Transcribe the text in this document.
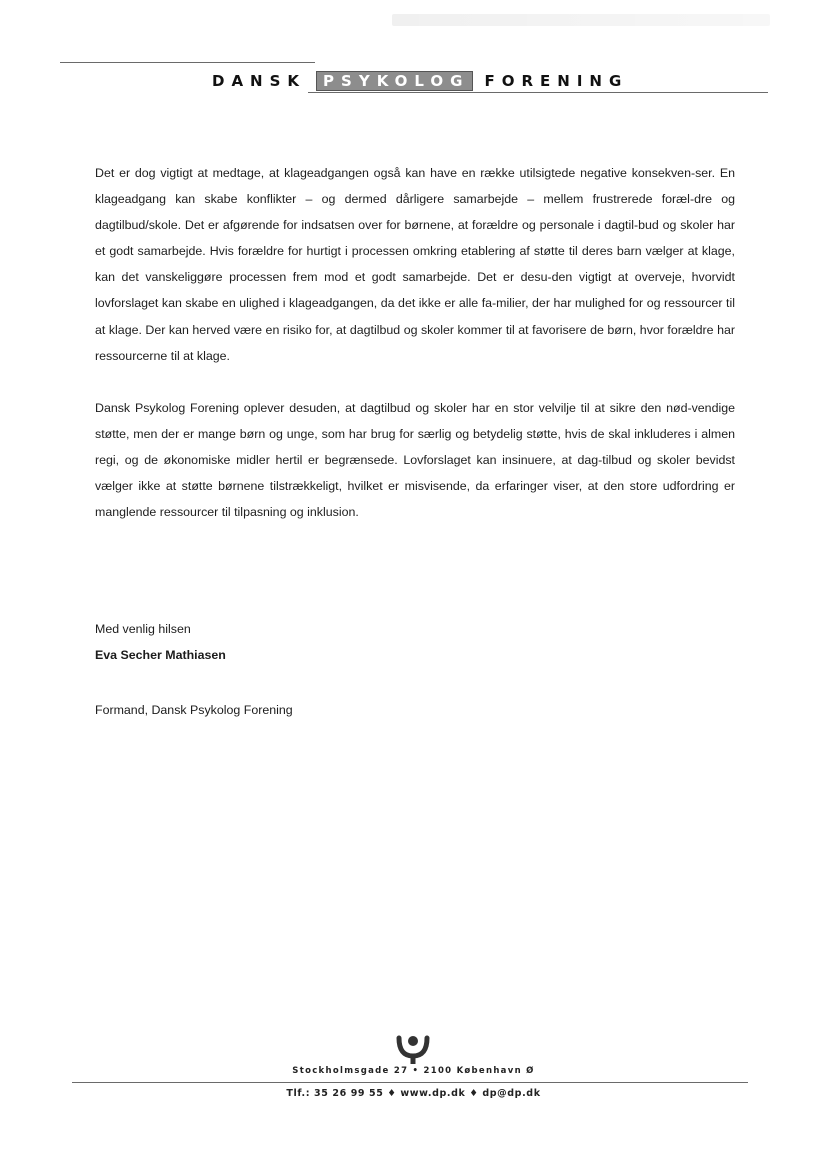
DANSK	PSYKOLOG FORENING

Det er dog vigtigt at medtage, at klageadgangen også kan have en række utilsigtede negative konsekven-ser. En klageadgang kan skabe konflikter – og dermed dårligere samarbejde – mellem frustrerede foræl-dre og dagtilbud/skole. Det er afgørende for indsatsen over for børnene, at forældre og personale i dagtil-bud og skoler har et godt samarbejde. Hvis forældre for hurtigt i processen omkring etablering af støtte til deres barn vælger at klage, kan det vanskeliggøre processen frem mod et godt samarbejde. Det er desu-den vigtigt at overveje, hvorvidt lovforslaget kan skabe en ulighed i klageadgangen, da det ikke er alle fa-milier, der har mulighed for og ressourcer til at klage. Der kan herved være en risiko for, at dagtilbud og skoler kommer til at favorisere de børn, hvor forældre har ressourcerne til at klage.

Dansk Psykolog Forening oplever desuden, at dagtilbud og skoler har en stor velvilje til at sikre den nød-vendige støtte, men der er mange børn og unge, som har brug for særlig og betydelig støtte, hvis de skal inkluderes i almen regi, og de økonomiske midler hertil er begrænsede. Lovforslaget kan insinuere, at dag-tilbud og skoler bevidst vælger ikke at støtte børnene tilstrækkeligt, hvilket er misvisende, da erfaringer viser, at den store udfordring er manglende ressourcer til tilpasning og inklusion.

Med venlig hilsen
Eva Secher Mathiasen
Formand, Dansk Psykolog Forening
Stockholmsgade 27 • 2100 København Ø
Tlf.: 35 26 99 55 ♦ www.dp.dk ♦ dp@dp.dk
